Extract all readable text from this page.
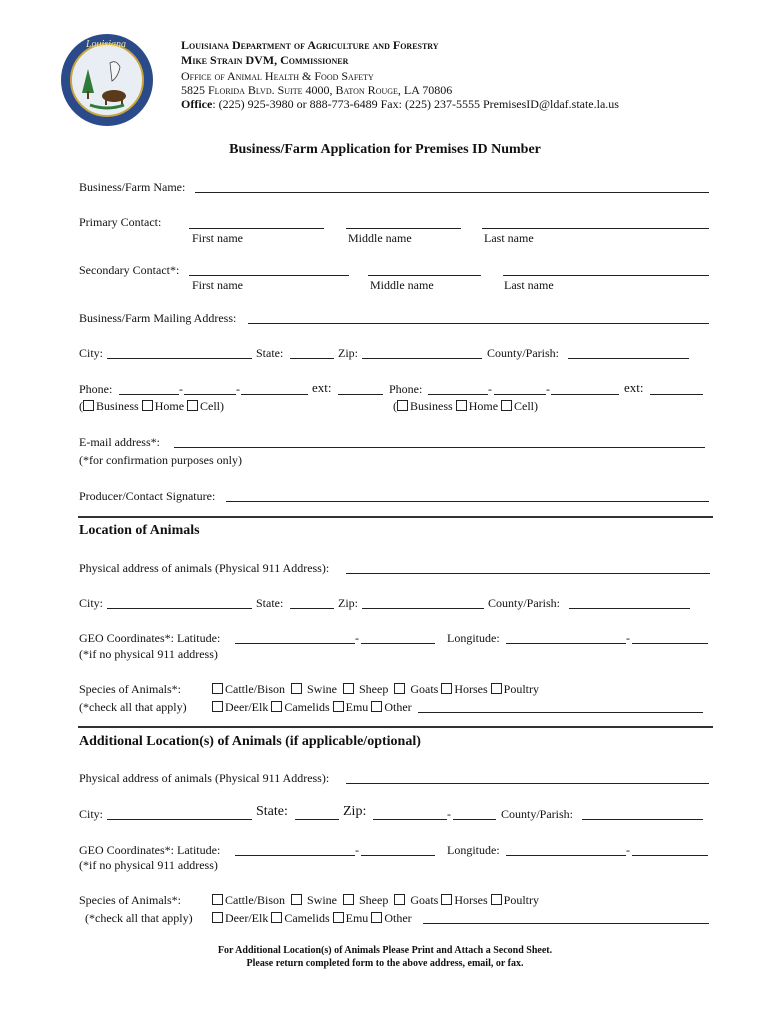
Louisiana	Louisiana Department of Agriculture and Forestry
Mike Strain DVM, Commissioner
Office of Animal Health & Food Safety
5825 Florida Blvd. Suite 4000, Baton Rouge, LA 70806
Office: (225) 925-3980 or 888-773-6489 Fax: (225) 237-5555 PremisesID@ldaf.state.la.us
Business/Farm Application for Premises ID Number
Business/Farm Name:
Primary Contact:
First name	Middle name	Last name
Secondary Contact*:
First name	Middle name	Last name
Business/Farm Mailing Address:
City:	State:	Zip:	County/Parish:
Phone:	-	-	ext:	Phone:	-	-	ext:
( Business Home Cell)	( Business Home Cell)
E-mail address*:
(*for confirmation purposes only)
Producer/Contact Signature:
Location of Animals
Physical address of animals (Physical 911 Address):
City:	State:	Zip:	County/Parish:
GEO Coordinates*: Latitude:	-	Longitude:	-
(*if no physical 911 address)
Species of Animals*:
(*check all that apply)
Cattle/Bison Swine Sheep Goats Horses Poultry
Deer/Elk Camelids Emu Other
Additional Location(s) of Animals (if applicable/optional)
Physical address of animals (Physical 911 Address):
City:	State:	Zip:	-	County/Parish:
GEO Coordinates*: Latitude:	-	Longitude:	-
(*if no physical 911 address)
Species of Animals*:
(*check all that apply)
Cattle/Bison Swine Sheep Goats Horses Poultry
Deer/Elk Camelids Emu Other
For Additional Location(s) of Animals Please Print and Attach a Second Sheet.
Please return completed form to the above address, email, or fax.
